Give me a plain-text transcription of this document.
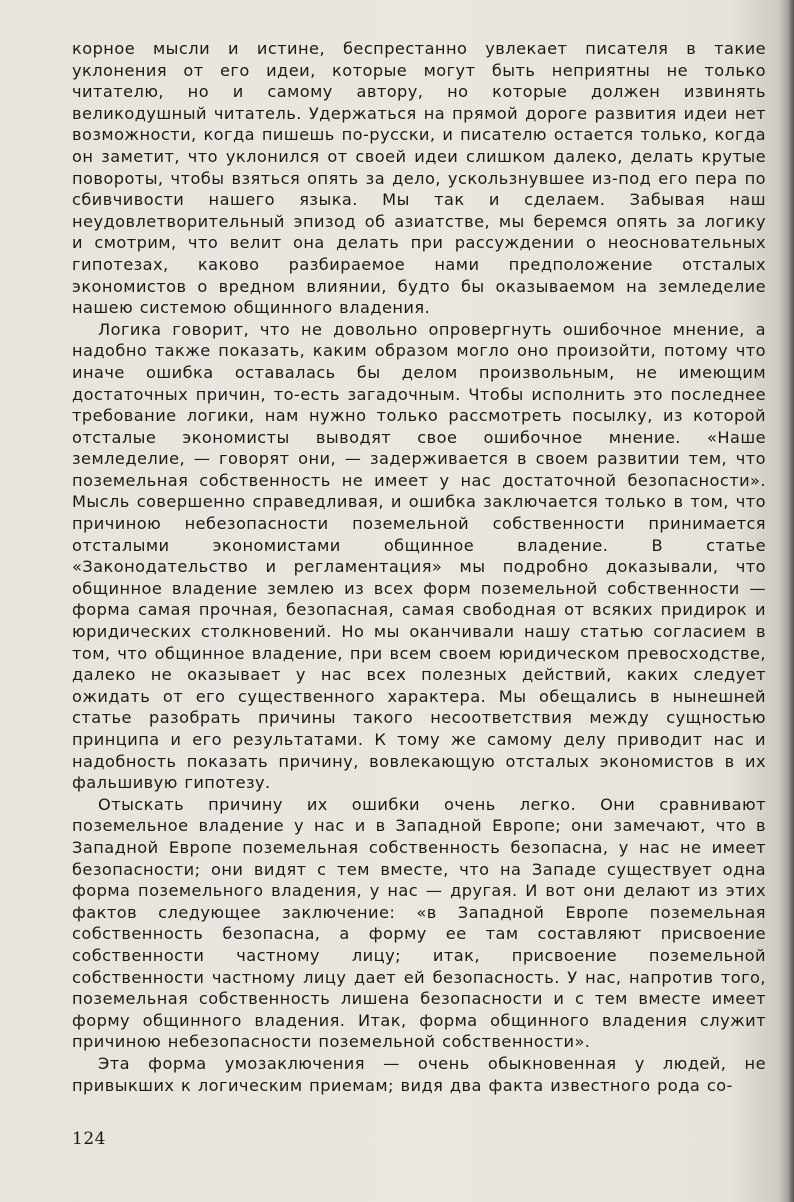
корное мысли и истине, беспрестанно увлекает писателя в такие уклонения от его идеи, которые могут быть неприятны не только читателю, но и самому автору, но которые должен извинять великодушный читатель. Удержаться на прямой дороге развития идеи нет возможности, когда пишешь по-русски, и писателю остается только, когда он заметит, что уклонился от своей идеи слишком далеко, делать крутые повороты, чтобы взяться опять за дело, ускользнувшее из-под его пера по сбивчивости нашего языка. Мы так и сделаем. Забывая наш неудовлетворительный эпизод об азиатстве, мы беремся опять за логику и смотрим, что велит она делать при рассуждении о неосновательных гипотезах, каково разбираемое нами предположение отсталых экономистов о вредном влиянии, будто бы оказываемом на земледелие нашею системою общинного владения.

Логика говорит, что не довольно опровергнуть ошибочное мнение, а надобно также показать, каким образом могло оно произойти, потому что иначе ошибка оставалась бы делом произвольным, не имеющим достаточных причин, то-есть загадочным. Чтобы исполнить это последнее требование логики, нам нужно только рассмотреть посылку, из которой отсталые экономисты выводят свое ошибочное мнение. «Наше земледелие, — говорят они, — задерживается в своем развитии тем, что поземельная собственность не имеет у нас достаточной безопасности». Мысль совершенно справедливая, и ошибка заключается только в том, что причиною небезопасности поземельной собственности принимается отсталыми экономистами общинное владение. В статье «Законодательство и регламентация» мы подробно доказывали, что общинное владение землею из всех форм поземельной собственности — форма самая прочная, безопасная, самая свободная от всяких придирок и юридических столкновений. Но мы оканчивали нашу статью согласием в том, что общинное владение, при всем своем юридическом превосходстве, далеко не оказывает у нас всех полезных действий, каких следует ожидать от его существенного характера. Мы обещались в нынешней статье разобрать причины такого несоответствия между сущностью принципа и его результатами. К тому же самому делу приводит нас и надобность показать причину, вовлекающую отсталых экономистов в их фальшивую гипотезу.

Отыскать причину их ошибки очень легко. Они сравнивают поземельное владение у нас и в Западной Европе; они замечают, что в Западной Европе поземельная собственность безопасна, у нас не имеет безопасности; они видят с тем вместе, что на Западе существует одна форма поземельного владения, у нас — другая. И вот они делают из этих фактов следующее заключение: «в Западной Европе поземельная собственность безопасна, а форму ее там составляют присвоение собственности частному лицу; итак, присвоение поземельной собственности частному лицу дает ей безопасность. У нас, напротив того, поземельная собственность лишена безопасности и с тем вместе имеет форму общинного владения. Итак, форма общинного владения служит причиною небезопасности поземельной собственности».

Эта форма умозаключения — очень обыкновенная у людей, не привыкших к логическим приемам; видя два факта известного рода со-

124
